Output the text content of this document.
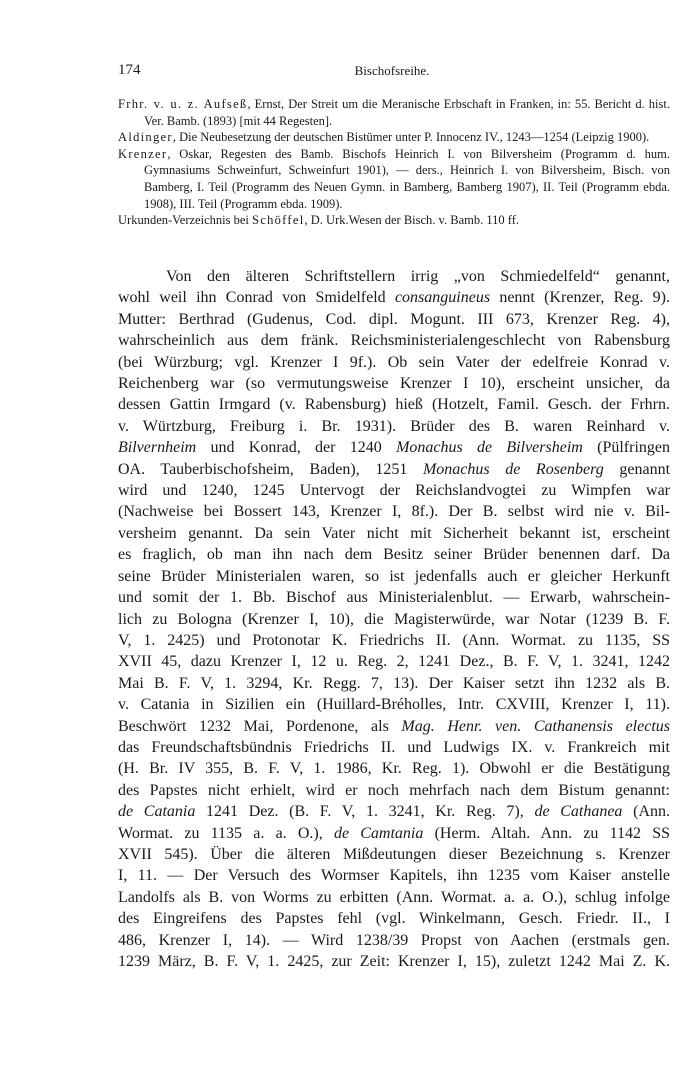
174	Bischofsreihe.

Frhr. v. u. z. Aufseß, Ernst, Der Streit um die Meranische Erbschaft in Franken, in: 55. Bericht d. hist. Ver. Bamb. (1893) [mit 44 Regesten].

Aldinger, Die Neubesetzung der deutschen Bistümer unter P. Innocenz IV., 1243—1254 (Leipzig 1900).

Krenzer, Oskar, Regesten des Bamb. Bischofs Heinrich I. von Bilversheim (Programm d. hum. Gymnasiums Schweinfurt, Schweinfurt 1901), — ders., Heinrich I. von Bilversheim, Bisch. von Bamberg, I. Teil (Programm des Neuen Gymn. in Bamberg, Bamberg 1907), II. Teil (Programm ebda. 1908), III. Teil (Programm ebda. 1909).

Urkunden-Verzeichnis bei Schöffel, D. Urk.Wesen der Bisch. v. Bamb. 110 ff.

Von den älteren Schriftstellern irrig „von Schmiedelfeld“ genannt,
wohl weil ihn Conrad von Smidelfeld consanguineus nennt (Krenzer, Reg. 9).
Mutter: Berthrad (Gudenus, Cod. dipl. Mogunt. III 673, Krenzer Reg. 4),
wahrscheinlich aus dem fränk. Reichsministerialengeschlecht von Rabensburg
(bei Würzburg; vgl. Krenzer I 9f.). Ob sein Vater der edelfreie Konrad v.
Reichenberg war (so vermutungsweise Krenzer I 10), erscheint unsicher, da
dessen Gattin Irmgard (v. Rabensburg) hieß (Hotzelt, Famil. Gesch. der Frhrn.
v. Würtzburg, Freiburg i. Br. 1931). Brüder des B. waren Reinhard v.
Bilvernheim und Konrad, der 1240 Monachus de Bilversheim (Pülfringen
OA. Tauberbischofsheim, Baden), 1251 Monachus de Rosenberg genannt
wird und 1240, 1245 Untervogt der Reichslandvogtei zu Wimpfen war
(Nachweise bei Bossert 143, Krenzer I, 8f.). Der B. selbst wird nie v. Bil-
versheim genannt. Da sein Vater nicht mit Sicherheit bekannt ist, erscheint
es fraglich, ob man ihn nach dem Besitz seiner Brüder benennen darf. Da
seine Brüder Ministerialen waren, so ist jedenfalls auch er gleicher Herkunft
und somit der 1. Bb. Bischof aus Ministerialenblut. — Erwarb, wahrschein-
lich zu Bologna (Krenzer I, 10), die Magisterwürde, war Notar (1239 B. F.
V, 1. 2425) und Protonotar K. Friedrichs II. (Ann. Wormat. zu 1135, SS
XVII 45, dazu Krenzer I, 12 u. Reg. 2, 1241 Dez., B. F. V, 1. 3241, 1242
Mai B. F. V, 1. 3294, Kr. Regg. 7, 13). Der Kaiser setzt ihn 1232 als B.
v. Catania in Sizilien ein (Huillard-Bréholles, Intr. CXVIII, Krenzer I, 11).
Beschwört 1232 Mai, Pordenone, als Mag. Henr. ven. Cathanensis electus
das Freundschaftsbündnis Friedrichs II. und Ludwigs IX. v. Frankreich mit
(H. Br. IV 355, B. F. V, 1. 1986, Kr. Reg. 1). Obwohl er die Bestätigung
des Papstes nicht erhielt, wird er noch mehrfach nach dem Bistum genannt:
de Catania 1241 Dez. (B. F. V, 1. 3241, Kr. Reg. 7), de Cathanea (Ann.
Wormat. zu 1135 a. a. O.), de Camtania (Herm. Altah. Ann. zu 1142 SS
XVII 545). Über die älteren Mißdeutungen dieser Bezeichnung s. Krenzer
I, 11. — Der Versuch des Wormser Kapitels, ihn 1235 vom Kaiser anstelle
Landolfs als B. von Worms zu erbitten (Ann. Wormat. a. a. O.), schlug infolge
des Eingreifens des Papstes fehl (vgl. Winkelmann, Gesch. Friedr. II., I
486, Krenzer I, 14). — Wird 1238/39 Propst von Aachen (erstmals gen.
1239 März, B. F. V, 1. 2425, zur Zeit: Krenzer I, 15), zuletzt 1242 Mai Z. K.
